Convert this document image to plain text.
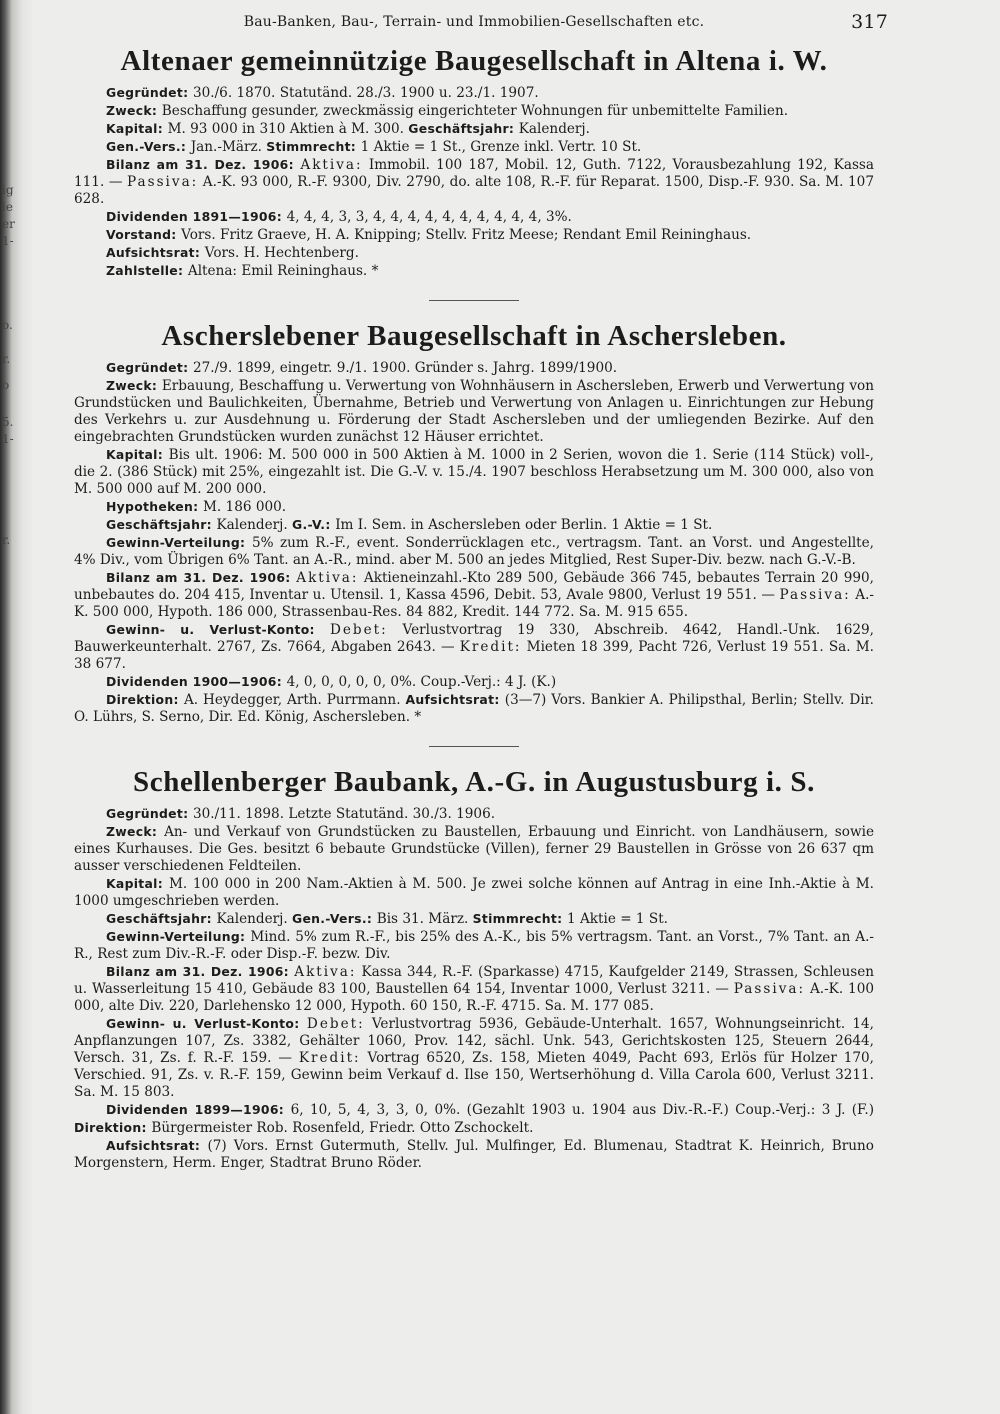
ig
le
er
1-
o.
r.
o
5.
1-
r.
Bau-Banken, Bau-, Terrain- und Immobilien-Gesellschaften etc.	317
Altenaer gemeinnützige Baugesellschaft in Altena i. W.

Gegründet: 30./6. 1870. Statutänd. 28./3. 1900 u. 23./1. 1907.

Zweck: Beschaffung gesunder, zweckmässig eingerichteter Wohnungen für unbemittelte Familien.

Kapital: M. 93 000 in 310 Aktien à M. 300. Geschäftsjahr: Kalenderj.

Gen.-Vers.: Jan.-März. Stimmrecht: 1 Aktie = 1 St., Grenze inkl. Vertr. 10 St.

Bilanz am 31. Dez. 1906: Aktiva: Immobil. 100 187, Mobil. 12, Guth. 7122, Vorausbezahlung 192, Kassa 111. — Passiva: A.-K. 93 000, R.-F. 9300, Div. 2790, do. alte 108, R.-F. für Reparat. 1500, Disp.-F. 930. Sa. M. 107 628.

Dividenden 1891—1906: 4, 4, 4, 3, 3, 4, 4, 4, 4, 4, 4, 4, 4, 4, 4, 3%.

Vorstand: Vors. Fritz Graeve, H. A. Knipping; Stellv. Fritz Meese; Rendant Emil Reininghaus.

Aufsichtsrat: Vors. H. Hechtenberg.

Zahlstelle: Altena: Emil Reininghaus. *

Ascherslebener Baugesellschaft in Aschersleben.

Gegründet: 27./9. 1899, eingetr. 9./1. 1900. Gründer s. Jahrg. 1899/1900.

Zweck: Erbauung, Beschaffung u. Verwertung von Wohnhäusern in Aschersleben, Erwerb und Verwertung von Grundstücken und Baulichkeiten, Übernahme, Betrieb und Verwertung von Anlagen u. Einrichtungen zur Hebung des Verkehrs u. zur Ausdehnung u. Förderung der Stadt Aschersleben und der umliegenden Bezirke. Auf den eingebrachten Grundstücken wurden zunächst 12 Häuser errichtet.

Kapital: Bis ult. 1906: M. 500 000 in 500 Aktien à M. 1000 in 2 Serien, wovon die 1. Serie (114 Stück) voll-, die 2. (386 Stück) mit 25%, eingezahlt ist. Die G.-V. v. 15./4. 1907 beschloss Herabsetzung um M. 300 000, also von M. 500 000 auf M. 200 000.

Hypotheken: M. 186 000.

Geschäftsjahr: Kalenderj. G.-V.: Im I. Sem. in Aschersleben oder Berlin. 1 Aktie = 1 St.

Gewinn-Verteilung: 5% zum R.-F., event. Sonderrücklagen etc., vertragsm. Tant. an Vorst. und Angestellte, 4% Div., vom Übrigen 6% Tant. an A.-R., mind. aber M. 500 an jedes Mitglied, Rest Super-Div. bezw. nach G.-V.-B.

Bilanz am 31. Dez. 1906: Aktiva: Aktieneinzahl.-Kto 289 500, Gebäude 366 745, bebautes Terrain 20 990, unbebautes do. 204 415, Inventar u. Utensil. 1, Kassa 4596, Debit. 53, Avale 9800, Verlust 19 551. — Passiva: A.-K. 500 000, Hypoth. 186 000, Strassenbau-Res. 84 882, Kredit. 144 772. Sa. M. 915 655.

Gewinn- u. Verlust-Konto: Debet: Verlustvortrag 19 330, Abschreib. 4642, Handl.-Unk. 1629, Bauwerkeunterhalt. 2767, Zs. 7664, Abgaben 2643. — Kredit: Mieten 18 399, Pacht 726, Verlust 19 551. Sa. M. 38 677.

Dividenden 1900—1906: 4, 0, 0, 0, 0, 0, 0%. Coup.-Verj.: 4 J. (K.)

Direktion: A. Heydegger, Arth. Purrmann. Aufsichtsrat: (3—7) Vors. Bankier A. Philipsthal, Berlin; Stellv. Dir. O. Lührs, S. Serno, Dir. Ed. König, Aschersleben. *

Schellenberger Baubank, A.-G. in Augustusburg i. S.

Gegründet: 30./11. 1898. Letzte Statutänd. 30./3. 1906.

Zweck: An- und Verkauf von Grundstücken zu Baustellen, Erbauung und Einricht. von Landhäusern, sowie eines Kurhauses. Die Ges. besitzt 6 bebaute Grundstücke (Villen), ferner 29 Baustellen in Grösse von 26 637 qm ausser verschiedenen Feldteilen.

Kapital: M. 100 000 in 200 Nam.-Aktien à M. 500. Je zwei solche können auf Antrag in eine Inh.-Aktie à M. 1000 umgeschrieben werden.

Geschäftsjahr: Kalenderj. Gen.-Vers.: Bis 31. März. Stimmrecht: 1 Aktie = 1 St.

Gewinn-Verteilung: Mind. 5% zum R.-F., bis 25% des A.-K., bis 5% vertragsm. Tant. an Vorst., 7% Tant. an A.-R., Rest zum Div.-R.-F. oder Disp.-F. bezw. Div.

Bilanz am 31. Dez. 1906: Aktiva: Kassa 344, R.-F. (Sparkasse) 4715, Kaufgelder 2149, Strassen, Schleusen u. Wasserleitung 15 410, Gebäude 83 100, Baustellen 64 154, Inventar 1000, Verlust 3211. — Passiva: A.-K. 100 000, alte Div. 220, Darlehensko 12 000, Hypoth. 60 150, R.-F. 4715. Sa. M. 177 085.

Gewinn- u. Verlust-Konto: Debet: Verlustvortrag 5936, Gebäude-Unterhalt. 1657, Wohnungseinricht. 14, Anpflanzungen 107, Zs. 3382, Gehälter 1060, Prov. 142, sächl. Unk. 543, Gerichtskosten 125, Steuern 2644, Versch. 31, Zs. f. R.-F. 159. — Kredit: Vortrag 6520, Zs. 158, Mieten 4049, Pacht 693, Erlös für Holzer 170, Verschied. 91, Zs. v. R.-F. 159, Gewinn beim Verkauf d. Ilse 150, Wertserhöhung d. Villa Carola 600, Verlust 3211. Sa. M. 15 803.

Dividenden 1899—1906: 6, 10, 5, 4, 3, 3, 0, 0%. (Gezahlt 1903 u. 1904 aus Div.-R.-F.) Coup.-Verj.: 3 J. (F.) Direktion: Bürgermeister Rob. Rosenfeld, Friedr. Otto Zschockelt.

Aufsichtsrat: (7) Vors. Ernst Gutermuth, Stellv. Jul. Mulfinger, Ed. Blumenau, Stadtrat K. Heinrich, Bruno Morgenstern, Herm. Enger, Stadtrat Bruno Röder.
